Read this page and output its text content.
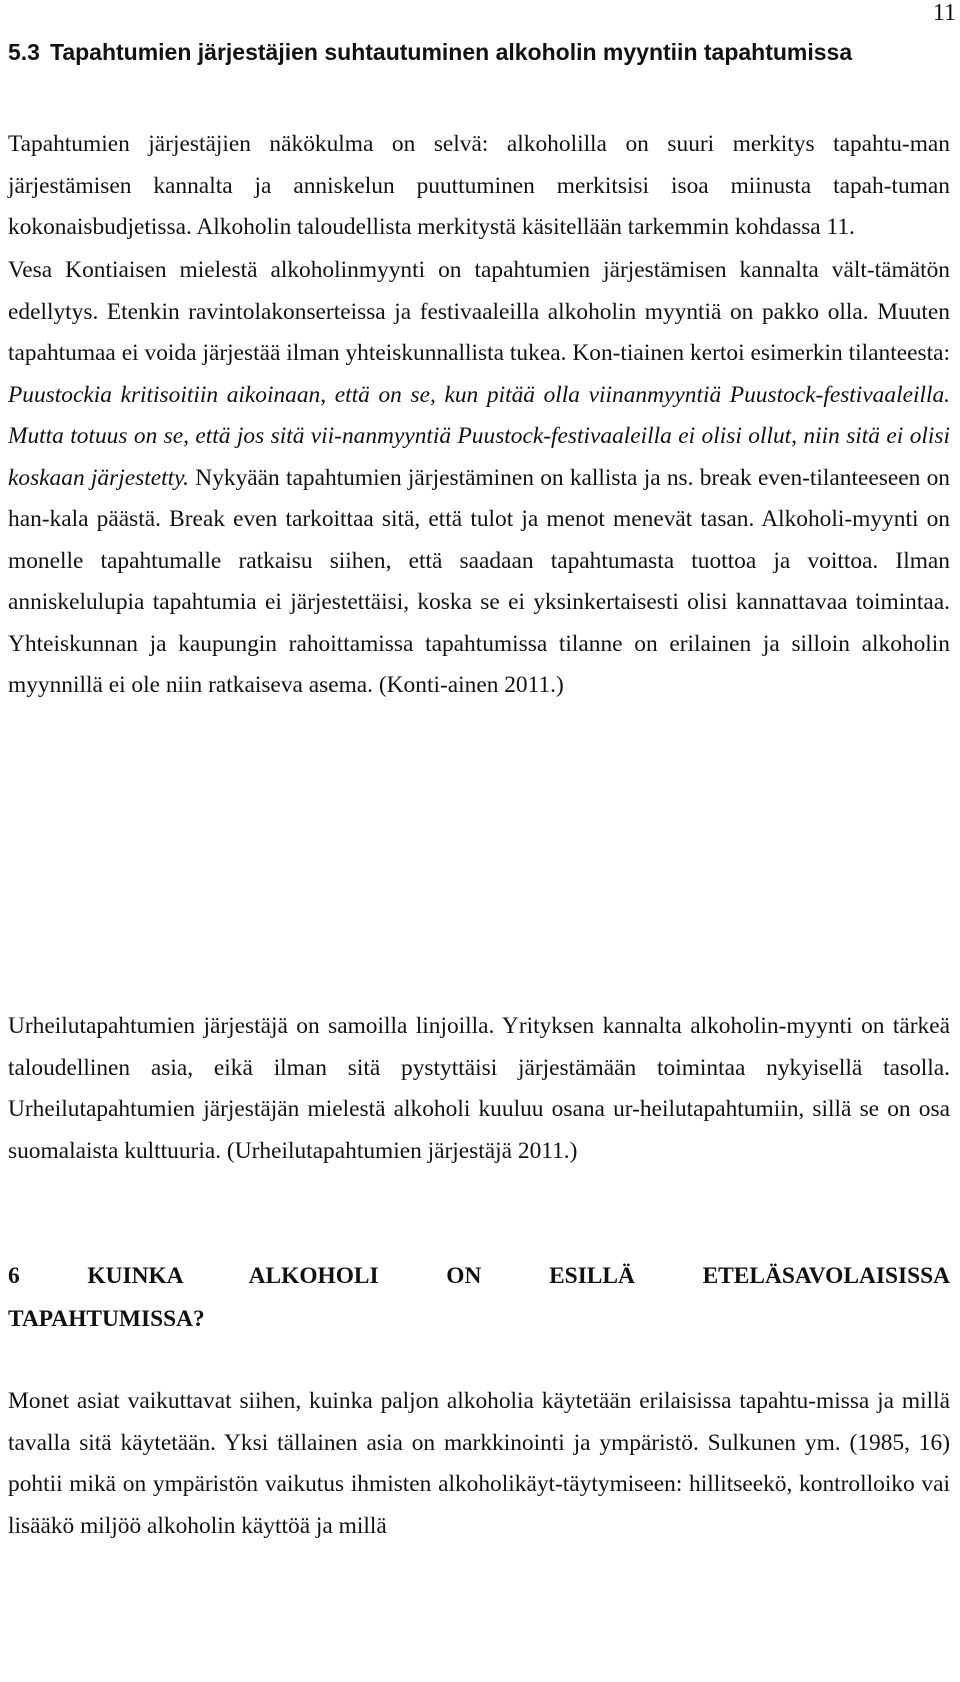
11
5.3 Tapahtumien järjestäjien suhtautuminen alkoholin myyntiin tapahtumissa

Tapahtumien järjestäjien näkökulma on selvä: alkoholilla on suuri merkitys tapahtu-man järjestämisen kannalta ja anniskelun puuttuminen merkitsisi isoa miinusta tapah-tuman kokonaisbudjetissa. Alkoholin taloudellista merkitystä käsitellään tarkemmin kohdassa 11.

Vesa Kontiaisen mielestä alkoholinmyynti on tapahtumien järjestämisen kannalta vält-tämätön edellytys. Etenkin ravintolakonserteissa ja festivaaleilla alkoholin myyntiä on pakko olla. Muuten tapahtumaa ei voida järjestää ilman yhteiskunnallista tukea. Kon-tiainen kertoi esimerkin tilanteesta: Puustockia kritisoitiin aikoinaan, että on se, kun pitää olla viinanmyyntiä Puustock-festivaaleilla. Mutta totuus on se, että jos sitä vii-nanmyyntiä Puustock-festivaaleilla ei olisi ollut, niin sitä ei olisi koskaan järjestetty. Nykyään tapahtumien järjestäminen on kallista ja ns. break even-tilanteeseen on han-kala päästä. Break even tarkoittaa sitä, että tulot ja menot menevät tasan. Alkoholi-myynti on monelle tapahtumalle ratkaisu siihen, että saadaan tapahtumasta tuottoa ja voittoa. Ilman anniskelulupia tapahtumia ei järjestettäisi, koska se ei yksinkertaisesti olisi kannattavaa toimintaa. Yhteiskunnan ja kaupungin rahoittamissa tapahtumissa tilanne on erilainen ja silloin alkoholin myynnillä ei ole niin ratkaiseva asema. (Konti-ainen 2011.)

Urheilutapahtumien järjestäjä on samoilla linjoilla. Yrityksen kannalta alkoholin-myynti on tärkeä taloudellinen asia, eikä ilman sitä pystyttäisi järjestämään toimintaa nykyisellä tasolla. Urheilutapahtumien järjestäjän mielestä alkoholi kuuluu osana ur-heilutapahtumiin, sillä se on osa suomalaista kulttuuria. (Urheilutapahtumien järjestäjä 2011.)

6 KUINKA ALKOHOLI ON ESILLÄ ETELÄSAVOLAISISSA
TAPAHTUMISSA?

Monet asiat vaikuttavat siihen, kuinka paljon alkoholia käytetään erilaisissa tapahtu-missa ja millä tavalla sitä käytetään. Yksi tällainen asia on markkinointi ja ympäristö. Sulkunen ym. (1985, 16) pohtii mikä on ympäristön vaikutus ihmisten alkoholikäyt-täytymiseen: hillitseekö, kontrolloiko vai lisääkö miljöö alkoholin käyttöä ja millä
